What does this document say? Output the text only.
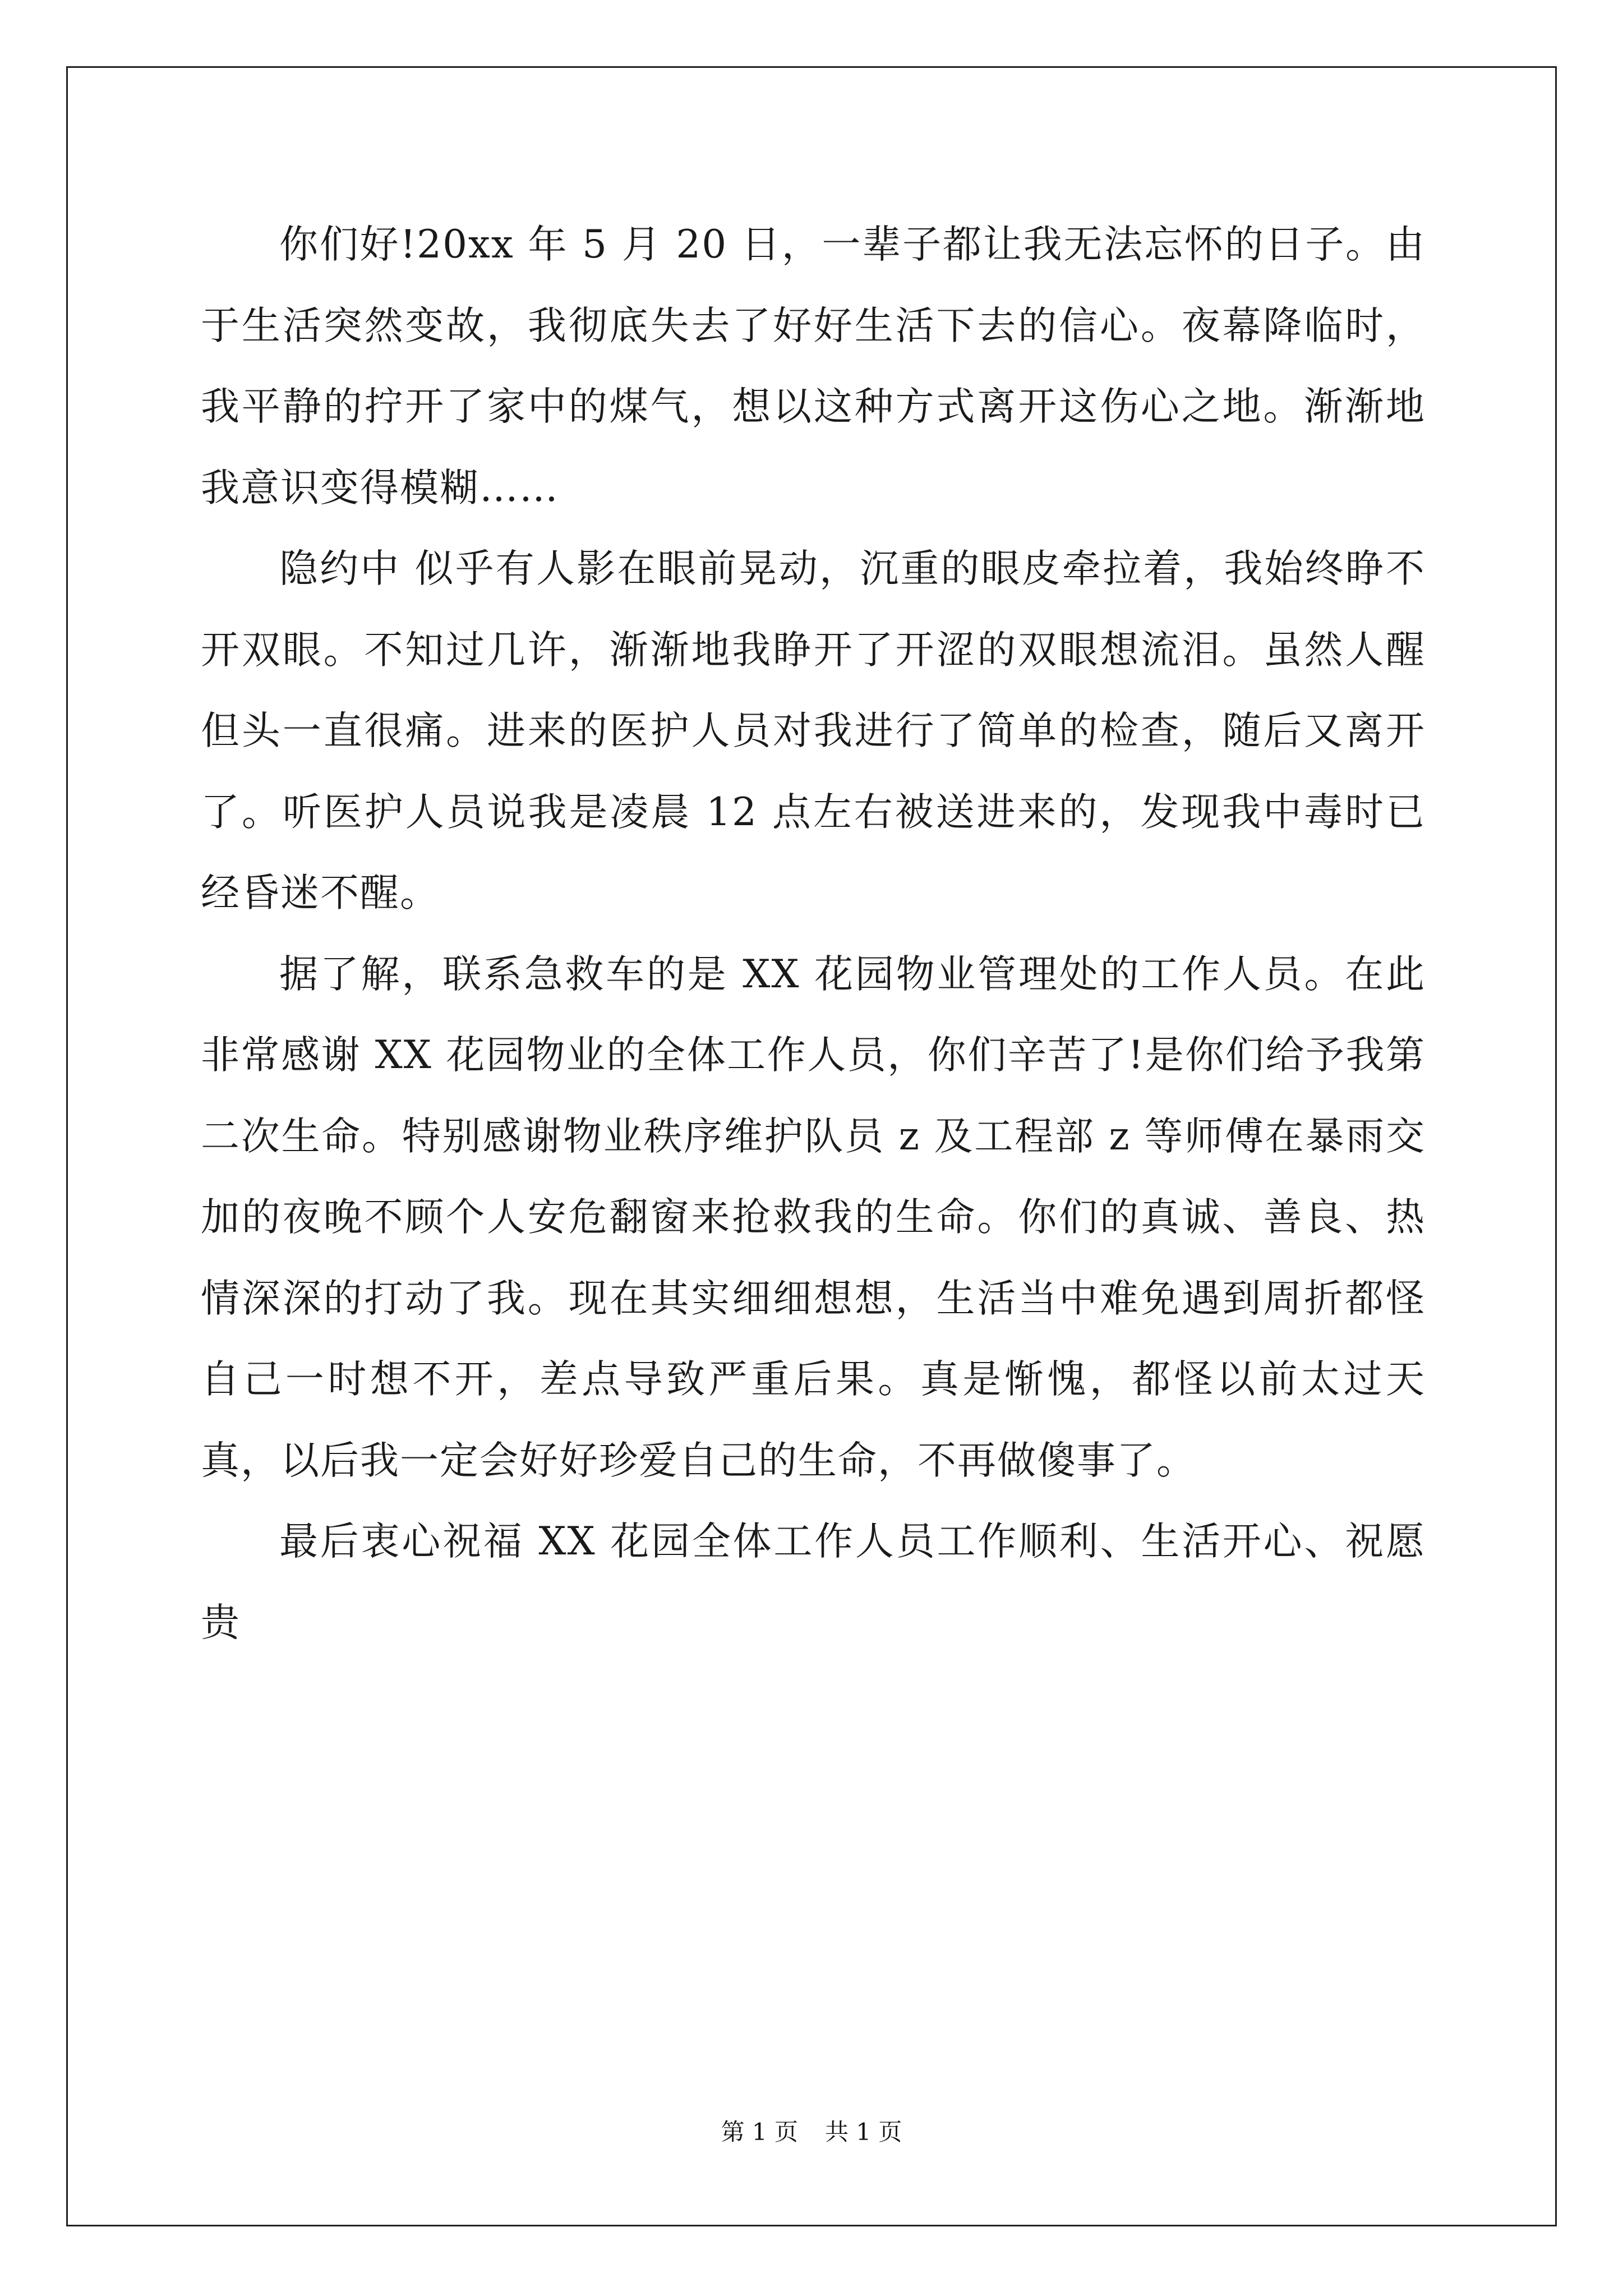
你们好!20xx 年 5 月 20 日，一辈子都让我无法忘怀的日子。由于生活突然变故，我彻底失去了好好生活下去的信心。夜幕降临时，我平静的拧开了家中的煤气，想以这种方式离开这伤心之地。渐渐地我意识变得模糊……

隐约中 似乎有人影在眼前晃动，沉重的眼皮牵拉着，我始终睁不开双眼。不知过几许，渐渐地我睁开了开涩的双眼想流泪。虽然人醒但头一直很痛。进来的医护人员对我进行了简单的检查，随后又离开了。听医护人员说我是凌晨 12 点左右被送进来的，发现我中毒时已经昏迷不醒。

据了解，联系急救车的是 XX 花园物业管理处的工作人员。在此非常感谢 XX 花园物业的全体工作人员，你们辛苦了!是你们给予我第二次生命。特别感谢物业秩序维护队员 z 及工程部 z 等师傅在暴雨交加的夜晚不顾个人安危翻窗来抢救我的生命。你们的真诚、善良、热情深深的打动了我。现在其实细细想想，生活当中难免遇到周折都怪自己一时想不开，差点导致严重后果。真是惭愧，都怪以前太过天真，以后我一定会好好珍爱自己的生命，不再做傻事了。

最后衷心祝福 XX 花园全体工作人员工作顺利、生活开心、祝愿贵

第 1 页 共 1 页
